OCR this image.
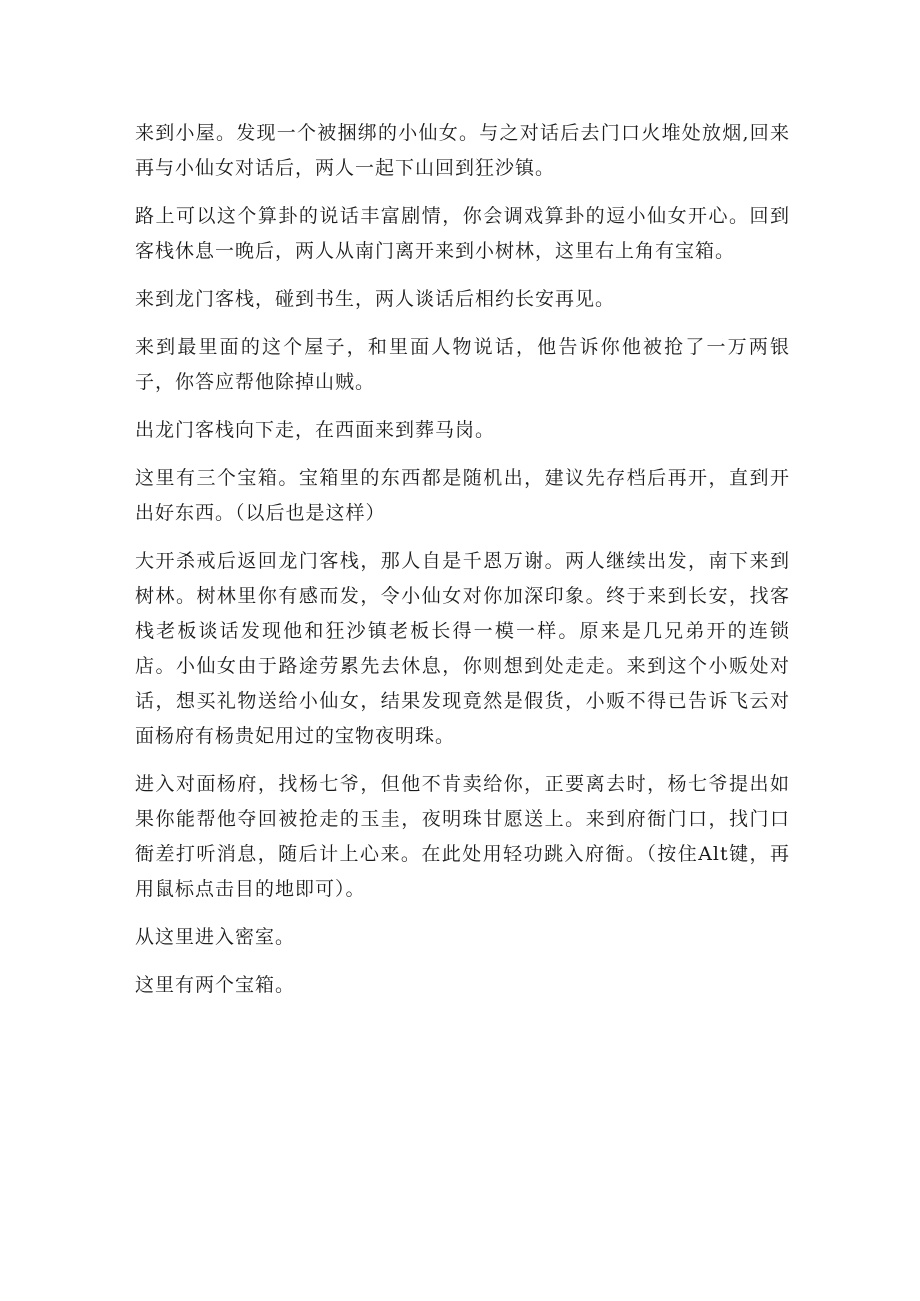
来到小屋。发现一个被捆绑的小仙女。与之对话后去门口火堆处放烟,回来再与小仙女对话后，两人一起下山回到狂沙镇。

路上可以这个算卦的说话丰富剧情，你会调戏算卦的逗小仙女开心。回到客栈休息一晚后，两人从南门离开来到小树林，这里右上角有宝箱。

来到龙门客栈，碰到书生，两人谈话后相约长安再见。

来到最里面的这个屋子，和里面人物说话，他告诉你他被抢了一万两银子，你答应帮他除掉山贼。

出龙门客栈向下走，在西面来到葬马岗。

这里有三个宝箱。宝箱里的东西都是随机出，建议先存档后再开，直到开出好东西。（以后也是这样）

大开杀戒后返回龙门客栈，那人自是千恩万谢。两人继续出发，南下来到树林。树林里你有感而发，令小仙女对你加深印象。终于来到长安，找客栈老板谈话发现他和狂沙镇老板长得一模一样。原来是几兄弟开的连锁店。小仙女由于路途劳累先去休息，你则想到处走走。来到这个小贩处对话，想买礼物送给小仙女，结果发现竟然是假货，小贩不得已告诉飞云对面杨府有杨贵妃用过的宝物夜明珠。

进入对面杨府，找杨七爷，但他不肯卖给你，正要离去时，杨七爷提出如果你能帮他夺回被抢走的玉圭，夜明珠甘愿送上。来到府衙门口，找门口衙差打听消息，随后计上心来。在此处用轻功跳入府衙。（按住Alt键，再用鼠标点击目的地即可）。

从这里进入密室。

这里有两个宝箱。
